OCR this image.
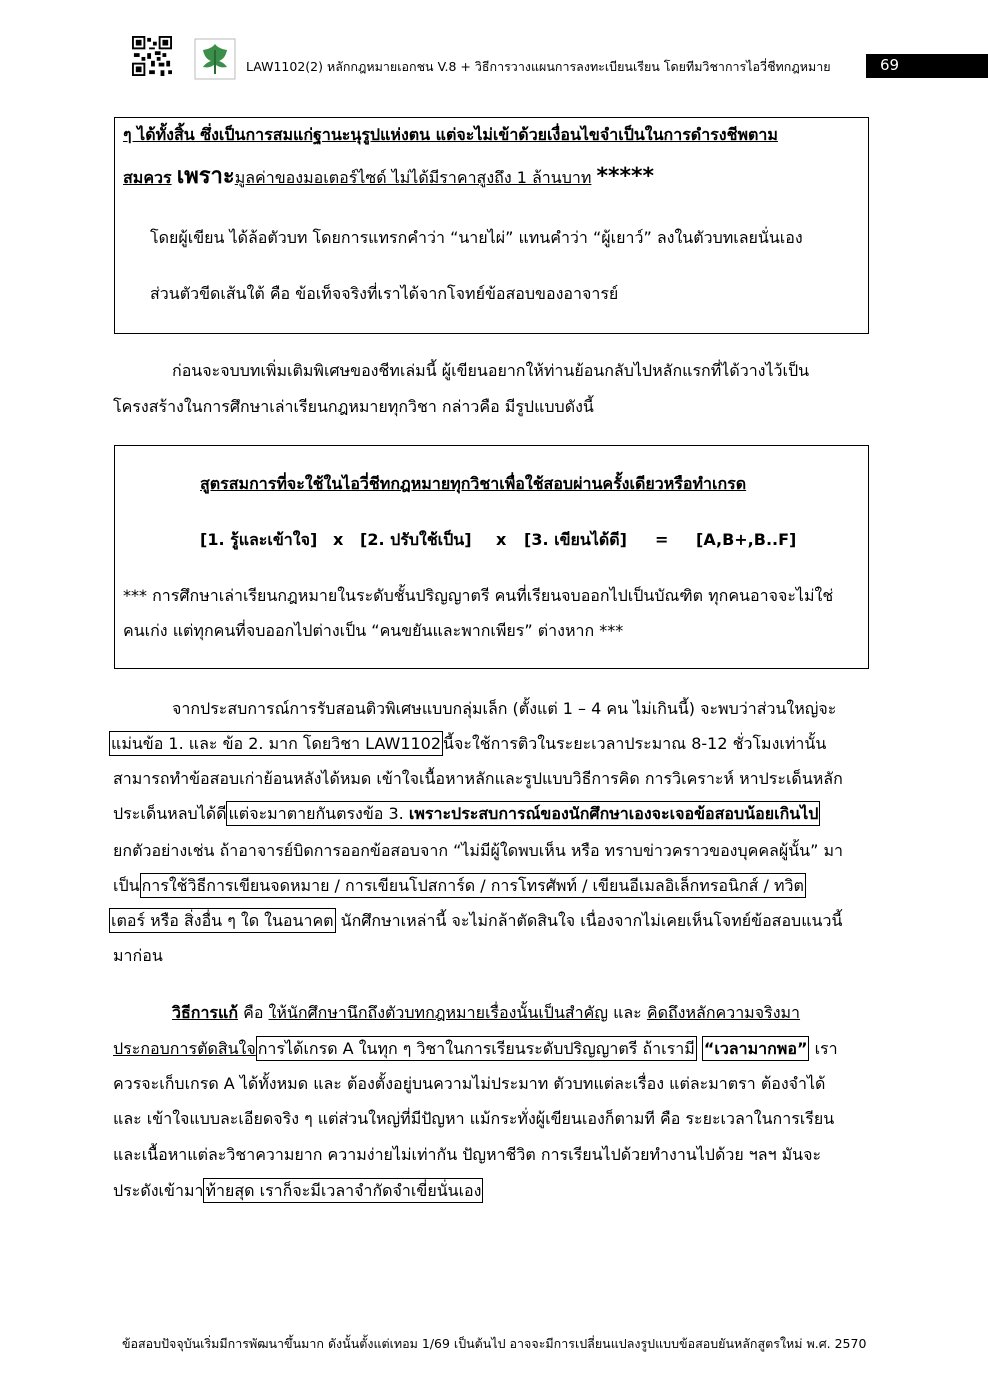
LAW1102(2) หลักกฎหมายเอกชน V.8 + วิธีการวางแผนการลงทะเบียนเรียน โดยทีมวิชาการไอวี่ชีทกฎหมาย	69
ๆ ได้ทั้งสิ้น ซึ่งเป็นการสมแก่ฐานะนุรูปแห่งตน แต่จะไม่เข้าด้วยเงื่อนไขจำเป็นในการดำรงชีพตาม
สมควร เพราะมูลค่าของมอเตอร์ไซด์ ไม่ได้มีราคาสูงถึง 1 ล้านบาท *****
โดยผู้เขียน ได้ล้อตัวบท โดยการแทรกคำว่า “นายไผ่” แทนคำว่า “ผู้เยาว์” ลงในตัวบทเลยนั่นเอง
ส่วนตัวขีดเส้นใต้ คือ ข้อเท็จจริงที่เราได้จากโจทย์ข้อสอบของอาจารย์
ก่อนจะจบบทเพิ่มเติมพิเศษของชีทเล่มนี้ ผู้เขียนอยากให้ท่านย้อนกลับไปหลักแรกที่ได้วางไว้เป็น
โครงสร้างในการศึกษาเล่าเรียนกฎหมายทุกวิชา กล่าวคือ มีรูปแบบดังนี้
สูตรสมการที่จะใช้ในไอวี่ชีทกฎหมายทุกวิชาเพื่อใช้สอบผ่านครั้งเดียวหรือทำเกรด
[1. รู้และเข้าใจ] x [2. ปรับใช้เป็น] x [3. เขียนได้ดี] = [A,B+,B..F]
*** การศึกษาเล่าเรียนกฎหมายในระดับชั้นปริญญาตรี คนที่เรียนจบออกไปเป็นบัณฑิต ทุกคนอาจจะไม่ใช่
คนเก่ง แต่ทุกคนที่จบออกไปต่างเป็น “คนขยันและพากเพียร” ต่างหาก ***
จากประสบการณ์การรับสอนติวพิเศษแบบกลุ่มเล็ก (ตั้งแต่ 1 – 4 คน ไม่เกินนี้) จะพบว่าส่วนใหญ่จะ
แม่นข้อ 1. และ ข้อ 2. มาก โดยวิชา LAW1102 นี้จะใช้การติวในระยะเวลาประมาณ 8-12 ชั่วโมงเท่านั้น
สามารถทำข้อสอบเก่าย้อนหลังได้หมด เข้าใจเนื้อหาหลักและรูปแบบวิธีการคิด การวิเคราะห์ หาประเด็นหลัก
ประเด็นหลบได้ดี แต่จะมาตายกันตรงข้อ 3. เพราะประสบการณ์ของนักศึกษาเองจะเจอข้อสอบน้อยเกินไป
ยกตัวอย่างเช่น ถ้าอาจารย์บิดการออกข้อสอบจาก “ไม่มีผู้ใดพบเห็น หรือ ทราบข่าวคราวของบุคคลผู้นั้น” มา
เป็น การใช้วิธีการเขียนจดหมาย / การเขียนโปสการ์ด / การโทรศัพท์ / เขียนอีเมลอิเล็กทรอนิกส์ / ทวิต
เตอร์ หรือ สิ่งอื่น ๆ ใด ในอนาคต นักศึกษาเหล่านี้ จะไม่กล้าตัดสินใจ เนื่องจากไม่เคยเห็นโจทย์ข้อสอบแนวนี้
มาก่อน
วิธีการแก้ คือ ให้นักศึกษานึกถึงตัวบทกฎหมายเรื่องนั้นเป็นสำคัญ และ คิดถึงหลักความจริงมา
ประกอบการตัดสินใจ การได้เกรด A ในทุก ๆ วิชาในการเรียนระดับปริญญาตรี ถ้าเรามี “เวลามากพอ” เรา
ควรจะเก็บเกรด A ได้ทั้งหมด และ ต้องตั้งอยู่บนความไม่ประมาท ตัวบทแต่ละเรื่อง แต่ละมาตรา ต้องจำได้
และ เข้าใจแบบละเอียดจริง ๆ แต่ส่วนใหญ่ที่มีปัญหา แม้กระทั่งผู้เขียนเองก็ตามที คือ ระยะเวลาในการเรียน
และเนื้อหาแต่ละวิชาความยาก ความง่ายไม่เท่ากัน ปัญหาชีวิต การเรียนไปด้วยทำงานไปด้วย ฯลฯ มันจะ
ประดังเข้ามา ท้ายสุด เราก็จะมีเวลาจำกัดจำเขี่ยนั่นเอง
ข้อสอบปัจจุบันเริ่มมีการพัฒนาขึ้นมาก ดังนั้นตั้งแต่เทอม 1/69 เป็นต้นไป อาจจะมีการเปลี่ยนแปลงรูปแบบข้อสอบยันหลักสูตรใหม่ พ.ศ. 2570
